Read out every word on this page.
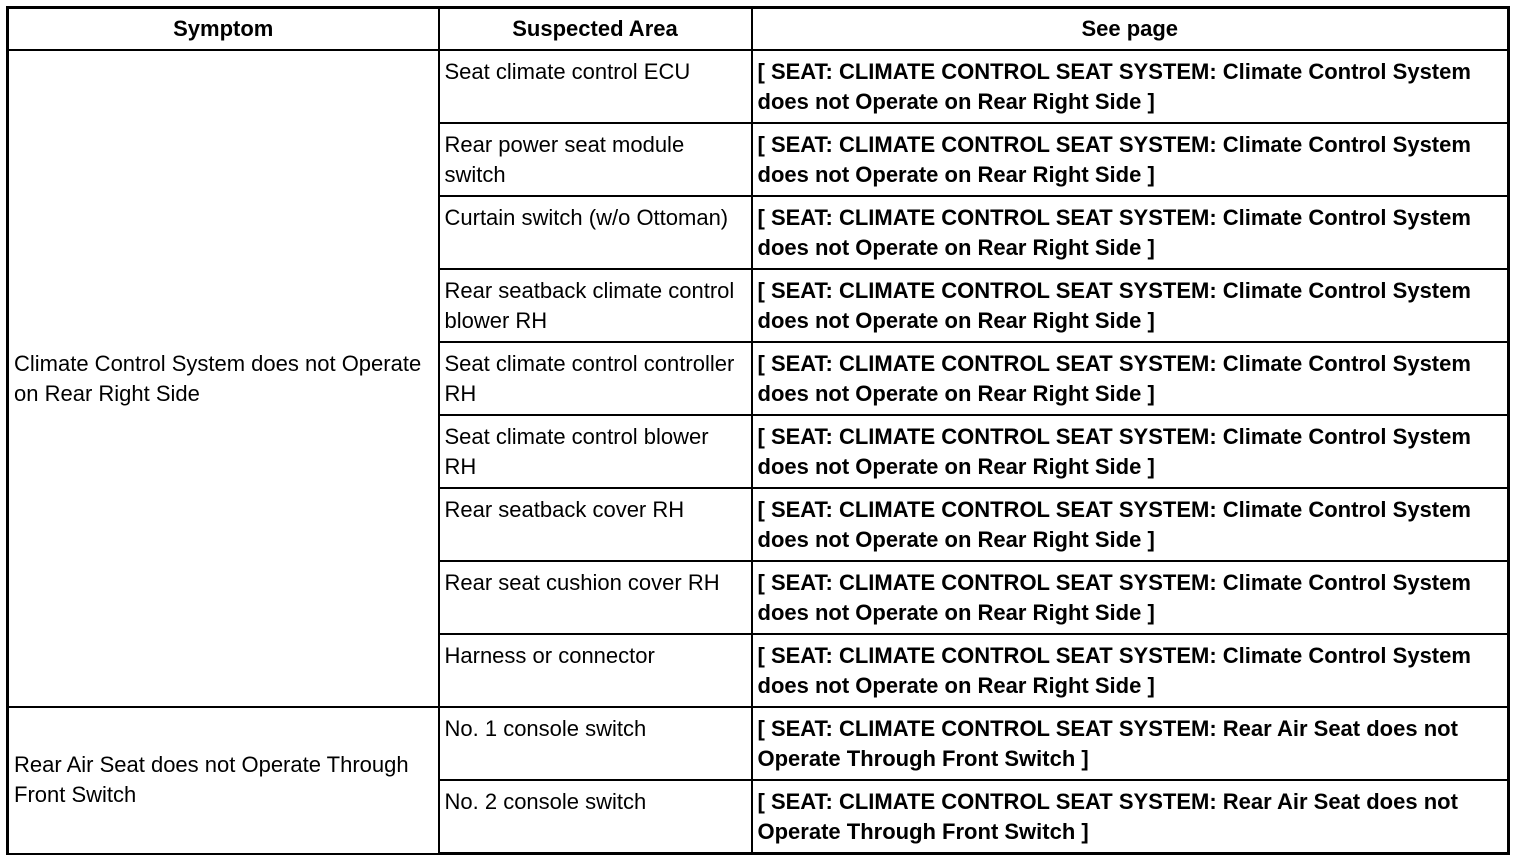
Symptom	Suspected Area	See page

Climate Control System does not Operate on Rear Right Side	Seat climate control ECU	[ SEAT: CLIMATE CONTROL SEAT SYSTEM: Climate Control System does not Operate on Rear Right Side ]

	Rear power seat module switch	[ SEAT: CLIMATE CONTROL SEAT SYSTEM: Climate Control System does not Operate on Rear Right Side ]

	Curtain switch (w/o Ottoman)	[ SEAT: CLIMATE CONTROL SEAT SYSTEM: Climate Control System does not Operate on Rear Right Side ]

	Rear seatback climate control blower RH	[ SEAT: CLIMATE CONTROL SEAT SYSTEM: Climate Control System does not Operate on Rear Right Side ]

	Seat climate control controller RH	[ SEAT: CLIMATE CONTROL SEAT SYSTEM: Climate Control System does not Operate on Rear Right Side ]

	Seat climate control blower RH	[ SEAT: CLIMATE CONTROL SEAT SYSTEM: Climate Control System does not Operate on Rear Right Side ]

	Rear seatback cover RH	[ SEAT: CLIMATE CONTROL SEAT SYSTEM: Climate Control System does not Operate on Rear Right Side ]

	Rear seat cushion cover RH	[ SEAT: CLIMATE CONTROL SEAT SYSTEM: Climate Control System does not Operate on Rear Right Side ]

	Harness or connector	[ SEAT: CLIMATE CONTROL SEAT SYSTEM: Climate Control System does not Operate on Rear Right Side ]

Rear Air Seat does not Operate Through Front Switch	No. 1 console switch	[ SEAT: CLIMATE CONTROL SEAT SYSTEM: Rear Air Seat does not Operate Through Front Switch ]

	No. 2 console switch	[ SEAT: CLIMATE CONTROL SEAT SYSTEM: Rear Air Seat does not Operate Through Front Switch ]
